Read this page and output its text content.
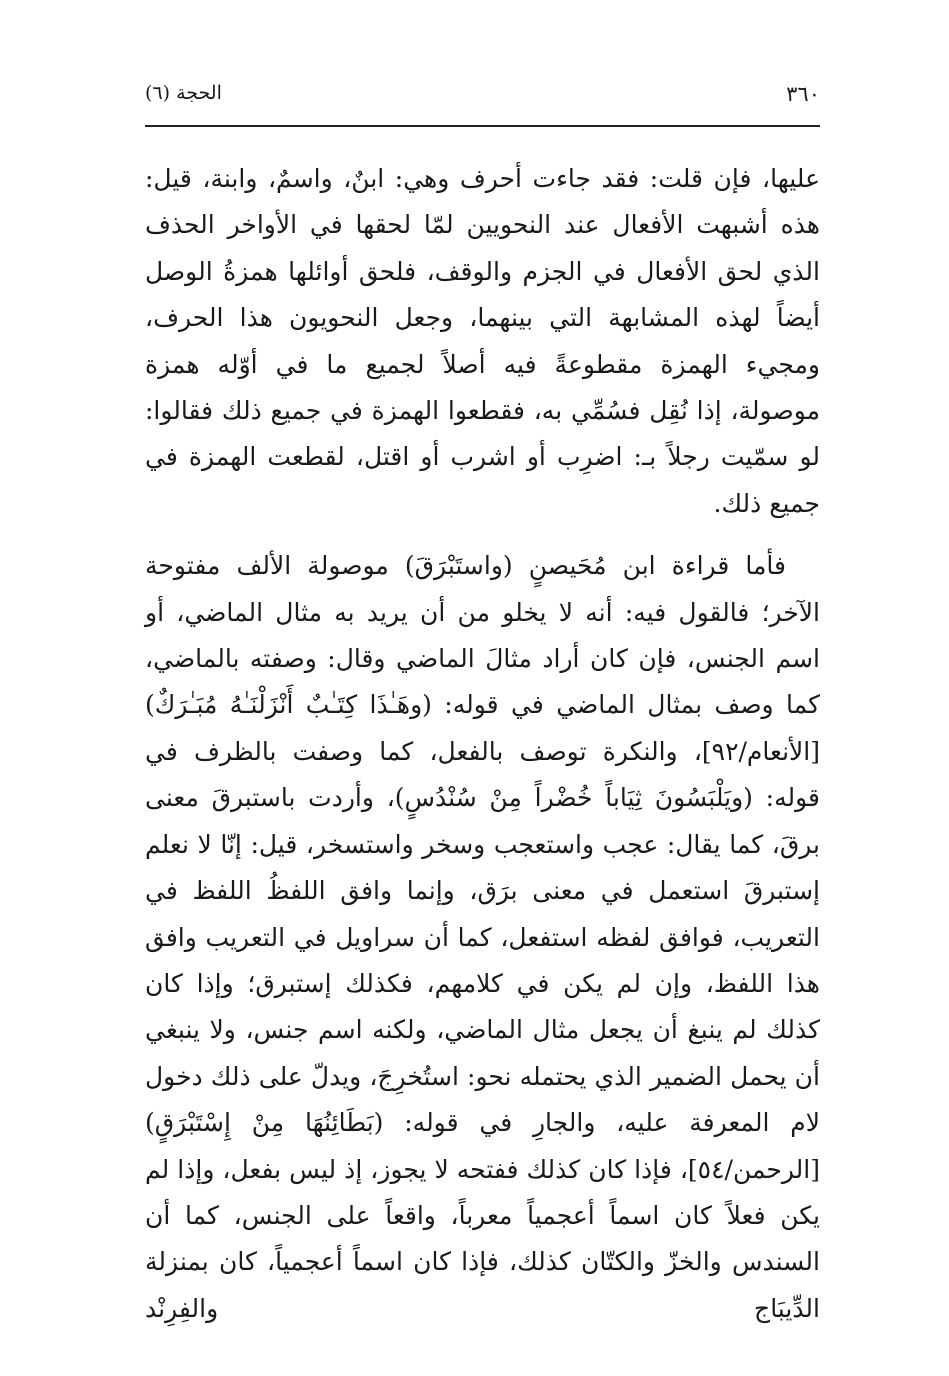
٣٦٠
الحجة (٦)

عليها، فإن قلت: فقد جاءت أحرف وهي: ابنٌ، واسمٌ، وابنة، قيل: هذه أشبهت الأفعال عند النحويين لمّا لحقها في الأواخر الحذف الذي لحق الأفعال في الجزم والوقف، فلحق أوائلها همزةُ الوصل أيضاً لهذه المشابهة التي بينهما، وجعل النحويون هذا الحرف، ومجيء الهمزة مقطوعةً فيه أصلاً لجميع ما في أوّله همزة موصولة، إذا نُقِل فسُمِّي به، فقطعوا الهمزة في جميع ذلك فقالوا: لو سمّيت رجلاً بـ: اضرِب أو اشرب أو اقتل، لقطعت الهمزة في جميع ذلك.

فأما قراءة ابن مُحَيصنٍ (واستَبْرَقَ) موصولة الألف مفتوحة الآخر؛ فالقول فيه: أنه لا يخلو من أن يريد به مثال الماضي، أو اسم الجنس، فإن كان أراد مثالَ الماضي وقال: وصفته بالماضي، كما وصف بمثال الماضي في قوله: (وهَـٰذَا كِتَـٰبٌ أَنْزَلْنَـٰهُ مُبَـٰرَكٌ) [الأنعام/٩٢]، والنكرة توصف بالفعل، كما وصفت بالظرف في قوله: (ويَلْبَسُونَ ثِيَاباً خُضْراً مِنْ سُنْدُسٍ)، وأردت باستبرقَ معنى برقَ، كما يقال: عجب واستعجب وسخر واستسخر، قيل: إنّا لا نعلم إستبرقَ استعمل في معنى برَق، وإنما وافق اللفظُ اللفظ في التعريب، فوافق لفظه استفعل، كما أن سراويل في التعريب وافق هذا اللفظ، وإن لم يكن في كلامهم، فكذلك إستبرق؛ وإذا كان كذلك لم ينبغ أن يجعل مثال الماضي، ولكنه اسم جنس، ولا ينبغي أن يحمل الضمير الذي يحتمله نحو: استُخرِجَ، ويدلّ على ذلك دخول لام المعرفة عليه، والجارِ في قوله: (بَطَائِنُهَا مِنْ إِسْتَبْرَقٍ) [الرحمن/٥٤]، فإذا كان كذلك ففتحه لا يجوز، إذ ليس بفعل، وإذا لم يكن فعلاً كان اسماً أعجمياً معرباً، واقعاً على الجنس، كما أن السندس والخزّ والكتّان كذلك، فإذا كان اسماً أعجمياً، كان بمنزلة الدِّيبَاج والفِرِنْد
